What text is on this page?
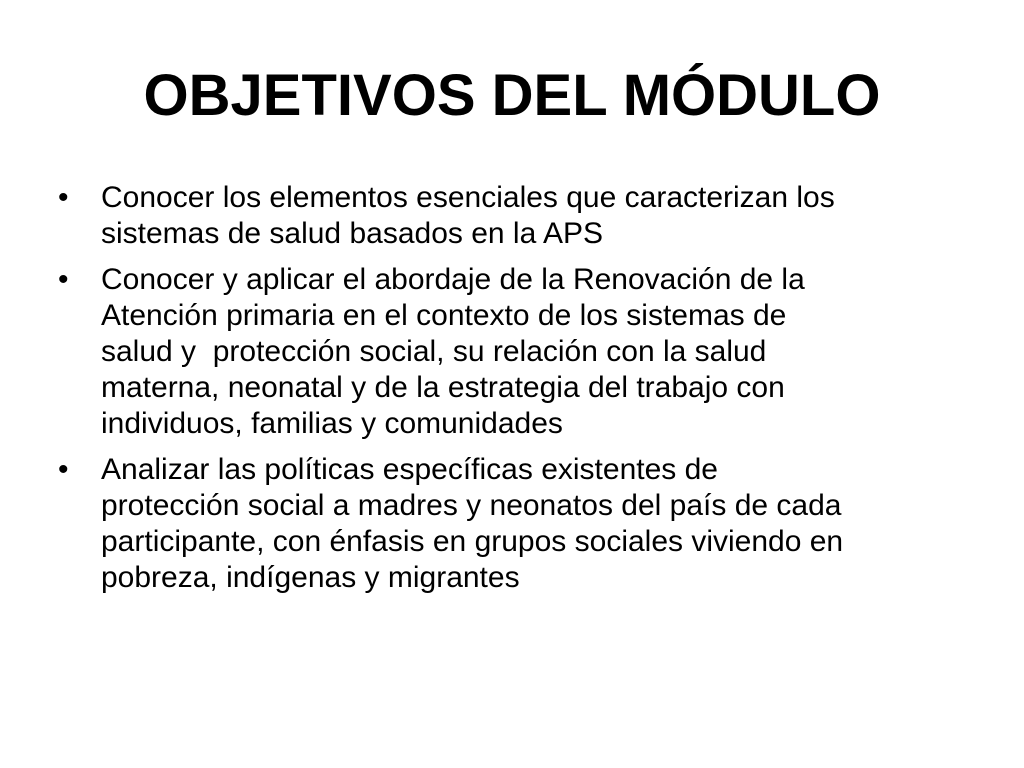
OBJETIVOS DEL MÓDULO
•	Conocer los elementos esenciales que caracterizan los
sistemas de salud basados en la APS
•	Conocer y aplicar el abordaje de la Renovación de la
Atención primaria en el contexto de los sistemas de
salud y  protección social, su relación con la salud
materna, neonatal y de la estrategia del trabajo con
individuos, familias y comunidades
•	Analizar las políticas específicas existentes de
protección social a madres y neonatos del país de cada
participante, con énfasis en grupos sociales viviendo en
pobreza, indígenas y migrantes
